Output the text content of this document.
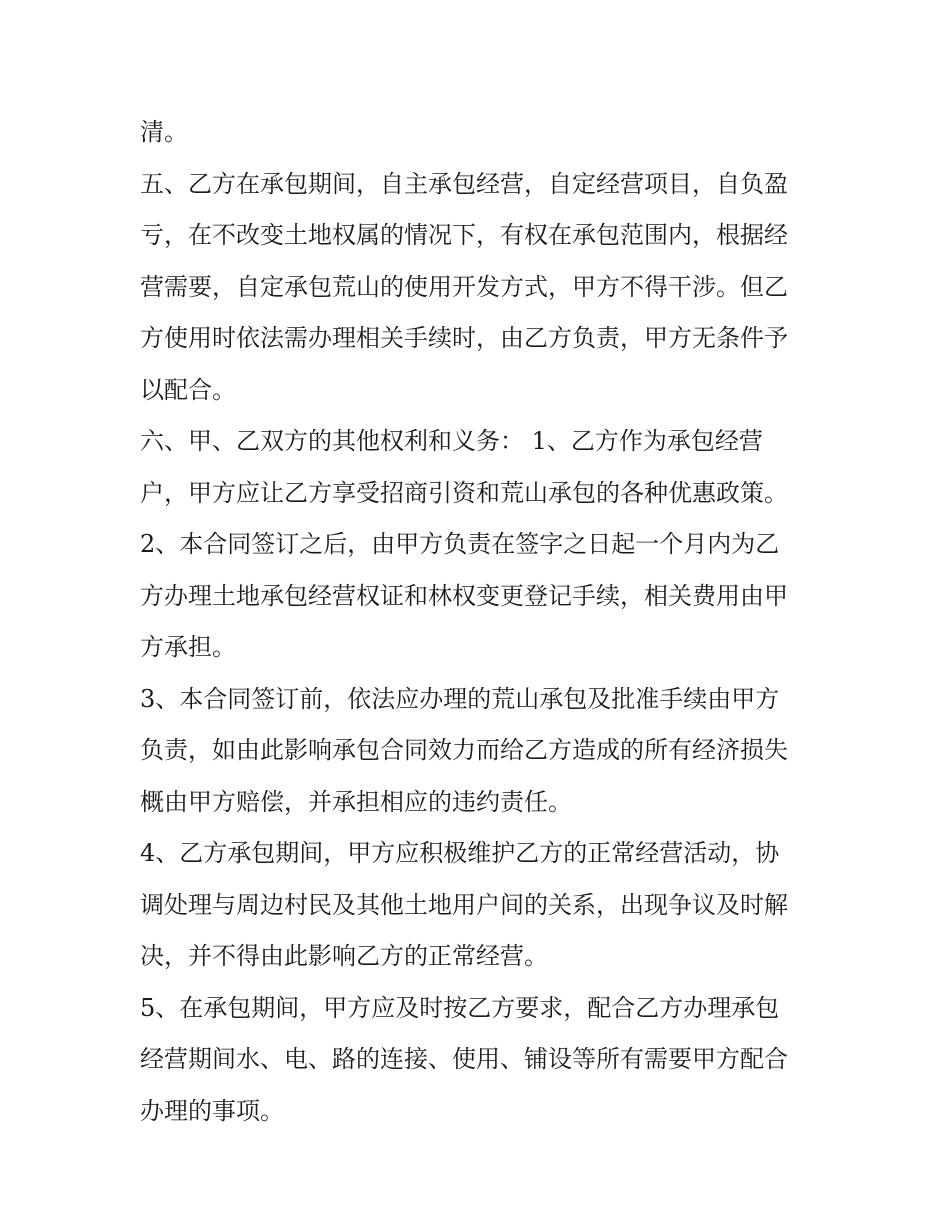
清。
五、乙方在承包期间，自主承包经营，自定经营项目，自负盈
亏，在不改变土地权属的情况下，有权在承包范围内，根据经
营需要，自定承包荒山的使用开发方式，甲方不得干涉。但乙
方使用时依法需办理相关手续时，由乙方负责，甲方无条件予
以配合。
六、甲、乙双方的其他权利和义务： 1、乙方作为承包经营
户，甲方应让乙方享受招商引资和荒山承包的各种优惠政策。
2、本合同签订之后，由甲方负责在签字之日起一个月内为乙
方办理土地承包经营权证和林权变更登记手续，相关费用由甲
方承担。
3、本合同签订前，依法应办理的荒山承包及批准手续由甲方
负责，如由此影响承包合同效力而给乙方造成的所有经济损失
概由甲方赔偿，并承担相应的违约责任。
4、乙方承包期间，甲方应积极维护乙方的正常经营活动，协
调处理与周边村民及其他土地用户间的关系，出现争议及时解
决，并不得由此影响乙方的正常经营。
5、在承包期间，甲方应及时按乙方要求，配合乙方办理承包
经营期间水、电、路的连接、使用、铺设等所有需要甲方配合
办理的事项。
